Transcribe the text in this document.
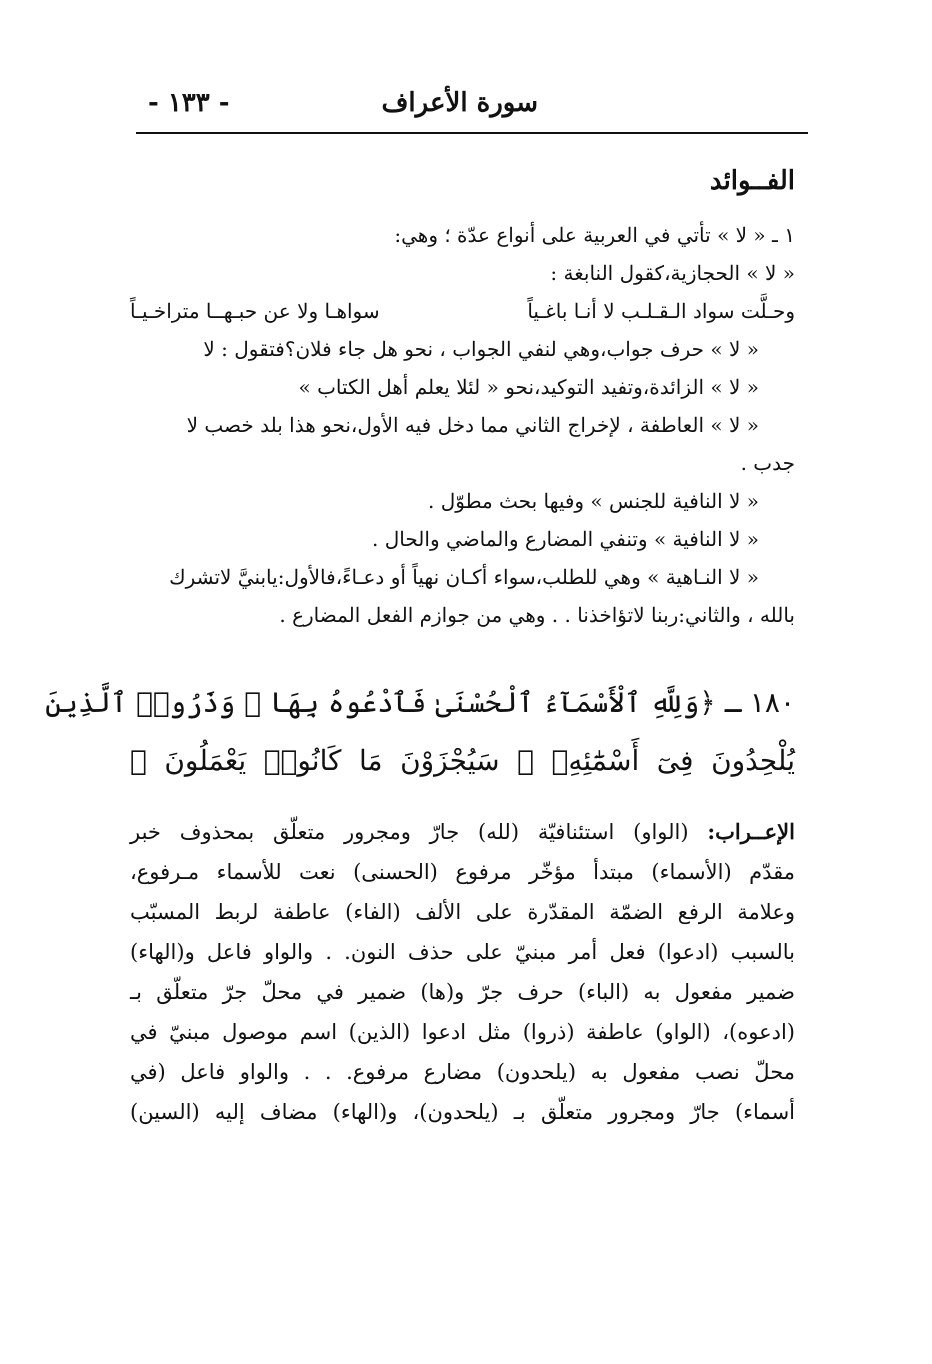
سورة الأعراف
- ١٣٣ -
الفــوائد
١ ـ « لا » تأتي في العربية على أنواع عدّة ؛ وهي:
« لا » الحجازية،كقول النابغة :
وحـلَّت سواد الـقـلـب لا أنـا باغـياً
سواهـا ولا عن حبـهــا متراخـيـاً
« لا » حرف جواب،وهي لنفي الجواب ، نحو هل جاء فلان؟فتقول : لا
« لا » الزائدة،وتفيد التوكيد،نحو « لئلا يعلم أهل الكتاب »
« لا » العاطفة ، لإخراج الثاني مما دخل فيه الأول،نحو هذا بلد خصب لا
جدب .
« لا النافية للجنس » وفيها بحث مطوّل .
« لا النافية » وتنفي المضارع والماضي والحال .
« لا النـاهية » وهي للطلب،سواء أكـان نهياً أو دعـاءً،فالأول:يابنيَّ لاتشرك
بالله ، والثاني:ربنا لاتؤاخذنا . . وهي من جوازم الفعل المضارع .
١٨٠ ـ ﴿وَلِلَّهِ ٱلْأَسْمَآءُ ٱلْحُسْنَىٰ فَٱدْعُوهُ بِهَا ۖ وَذَرُوا۟ ٱلَّذِينَ
يُلْحِدُونَ فِىٓ أَسْمَٰٓئِهِۦ ۚ سَيُجْزَوْنَ مَا كَانُوا۟ يَعْمَلُونَ ﴾
الإعــراب: (الواو) استئنافيّة (لله) جارّ ومجرور متعلّق بمحذوف خبر
مقدّم (الأسماء) مبتدأ مؤخّر مرفوع (الحسنى) نعت للأسماء مـرفوع،
وعلامة الرفع الضمّة المقدّرة على الألف (الفاء) عاطفة لربط المسبّب
بالسبب (ادعوا) فعل أمر مبنيّ على حذف النون. . والواو فاعل و(الهاء)
ضمير مفعول به (الباء) حرف جرّ و(ها) ضمير في محلّ جرّ متعلّق بـ
(ادعوه)، (الواو) عاطفة (ذروا) مثل ادعوا (الذين) اسم موصول مبنيّ في
محلّ نصب مفعول به (يلحدون) مضارع مرفوع. . . والواو فاعل (في
أسماء) جارّ ومجرور متعلّق بـ (يلحدون)، و(الهاء) مضاف إليه (السين)
